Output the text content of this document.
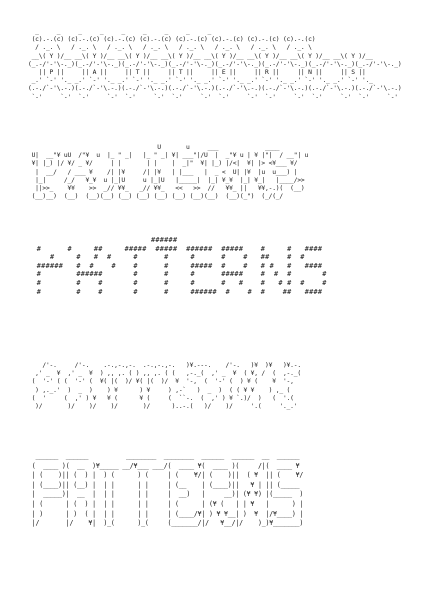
_     _     _     _     _     _     _     _     _
(c).-.(c) (c).-.(c) (c).-.(c) (c).-.(c) (c).-.(c) (c).-.(c) (c).-.(c) (c).-.(c)
/ ._. \   / ._. \   / ._. \   / ._. \   / ._. \   / ._. \   / ._. \   / ._. \
__\( Y )/__ __\( Y )/__ __\( Y )/__ __\( Y )/__ __\( Y )/__ __\( Y )/__ __\( Y )/__ __\( Y )/__
(_.-/'-'\-._)(_.-/'-'\-._)(_.-/'-'\-._)(_.-/'-'\-._)(_.-/'-'\-._)(_.-/'-'\-._)(_.-/'-'\-._)(_.-/'-'\-._)
|| P ||     || A ||     || T ||     || T ||     || E ||     || R ||     || N ||     || S ||
_.' `-' '._ _.' `-' '._ _.' `-' '._ _.' `-' '._ _.' `-' '._ _.' `-' '._ _.' `-' '._ _.' `-' '._
(.-./`-'\.-.)(.-./`-'\.-.)(.-./`-'\.-.)(.-./`-'\.-.)(.-./`-'\.-.)(.-./`-'\.-.)(.-./`-'\.-.)(.-./`-'\.-.)
`-'     `-'  `-'     `-'  `-'     `-'  `-'     `-'  `-'     `-'  `-'     `-'  `-'     `-'  `-'     `-'
U       u     ___             ____
U|  __"¥ uU  /"¥  u  |_ " _|   |_ " _| ¥| ___"|/U  |  _"¥ u | ¥ |"|  / __"| u
¥| |_) |/ ¥/ _ ¥/     | |       | |    |  _|"  ¥| |_) |/<|  ¥| |> <¥___ ¥/
|  __/   / ___ ¥    /| |¥     /| |¥   | |___   |  _ <  U| |¥  |u  u___) |
|_|     /_/   ¥_¥  u |_|U     u |_|U   |_____|  |_| ¥_¥  |_| ¥_|   |____/>>
||>>_    ¥¥    >>  _// ¥¥_   _// ¥¥_   <<   >>  //   ¥¥_ ||   ¥¥,-.)(  (__)
(__)__)  (__)  (__)(__) (__) (__) (__) (__) (__)(__)  (__)(_")  (_/(_/

######
#      #     ##     #####  #####  ######  #####    #     #   ####
#     #   #  #     #      #     #      #    #   ##    #  #
######   #  #    #    #      #     #####  #    #   # #   #   ####
#        ######       #      #     #      #####    #  #  #       #
#        #    #       #      #     #      #   #    #   # #  #    #
#        #    #       #      #     ######  #    #  #    ##   ####

/'-.     /'-.    .-.,-.,-.  .-.,-.,-.   )¥.---.    /'-.   )¥  )¥   )¥.-.
,' _  ¥  ,' _  ¥  ) ,, ,. ( ) ,, ,. ( (   ,-._(  ,' _  ¥  ( ¥, /  (  ,-._(
(  '-' ( (  '-' (  ¥( |(  )/ ¥( |(  )/  ¥  '-,  (  '-' (  ) ¥ (    ¥  '-,
) ,._.'  )  _  )    ) ¥      ) ¥     ) ,-`   )  _  )  ( ( ¥ ¥    ) ,_ (
(  '     (  ,' ) ¥   ¥ (      ¥ (     (  ``-.  (  ,' ) ¥ `.)/  )   (  '.(
)/       )/    )/    )/       )/      )..-.(   )/    )/     '.(     '._.'

______  ______          ________  ________  ______  ______  __  ______
(  ____ )(  __  )¥_____ __/¥___ ___/(  ____ ¥(  ____ )(     /|(  ____ ¥
| (    )|| (  ) |  ) (      ) (     | (    ¥/| (    )||  ( ¥  || (    ¥/
| (____)|| (__) |  | |      | |     | (__    | (____)||   ¥ | || (_____
|  _____)|  __  |  | |      | |     |  __)   |     __)| (¥ ¥) |(_____  )
| (      | (  ) |  | |      | |     | (      | (¥ (   | | ¥   |      ) |
| )      | )  ( |  | |      | |     | (____/¥| ) ¥ ¥__| )  ¥  |/¥____) |
|/       |/    ¥|  )_(      )_(     (_______/|/   ¥__/|/    )_)¥_______)
